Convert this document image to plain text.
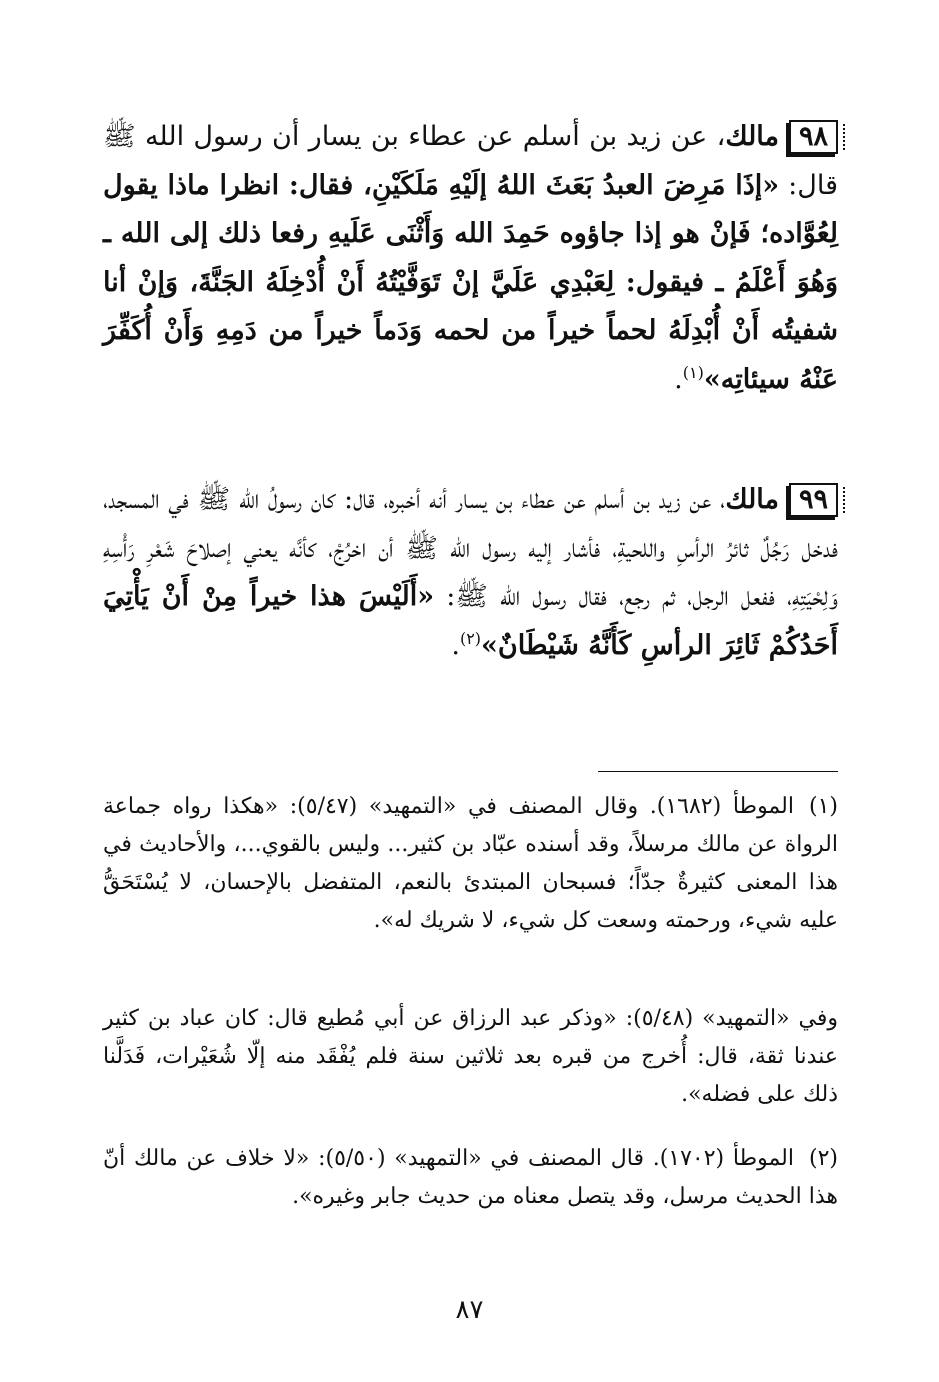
٩٨مالك، عن زيد بن أسلم عن عطاء بن يسار أن رسول الله ﷺ قال: «إذَا مَرِضَ العبدُ بَعَثَ اللهُ إلَيْهِ مَلَكَيْنِ، فقال: انظرا ماذا يقول لِعُوَّاده؛ فَإنْ هو إذا جاؤوه حَمِدَ الله وَأَثْنَى عَلَيهِ رفعا ذلك إلى الله ـ وَهُوَ أَعْلَمُ ـ فيقول: لِعَبْدِي عَلَيَّ إنْ تَوَفَّيْتُهُ أَنْ أُدْخِلَهُ الجَنَّةَ، وَإنْ أنا شفيتُه أَنْ أُبْدِلَهُ لحماً خيراً من لحمه وَدَماً خيراً من دَمِهِ وَأَنْ أُكَفِّرَ عَنْهُ سيئاتِه»$^{(١)}$.

٩٩مالك، عن زيد بن أسلم عن عطاء بن يسار أنه أخبره، قال: كان رسولُ الله ﷺ في المسجد، فدخل رَجُلٌ ثائرُ الرأسِ واللحيةِ، فأشار إليه رسول الله ﷺ أن اخرُجْ، كأنَّه يعني إصلاحَ شَعْرِ رَأْسِهِ وَلِحْيَتِهِ، ففعل الرجل، ثم رجع، فقال رسول الله ﷺ: «أَلَيْسَ هذا خيراً مِنْ أَنْ يَأْتِيَ أَحَدُكُمْ ثَائِرَ الرأسِ كَأَنَّهُ شَيْطَانٌ»$^{(٢)}$.

(١)الموطأ (١٦٨٢). وقال المصنف في «التمهيد» (٥/٤٧): «هكذا رواه جماعة الرواة عن مالك مرسلاً، وقد أسنده عبّاد بن كثير... وليس بالقوي...، والأحاديث في هذا المعنى كثيرةٌ جدّاً؛ فسبحان المبتدئ بالنعم، المتفضل بالإحسان، لا يُسْتَحَقُّ عليه شيء، ورحمته وسعت كل شيء، لا شريك له».

وفي «التمهيد» (٥/٤٨): «وذكر عبد الرزاق عن أبي مُطيع قال: كان عباد بن كثير عندنا ثقة، قال: أُخرج من قبره بعد ثلاثين سنة فلم يُفْقَد منه إلّا شُعَيْرات، فَدَلَّنا ذلك على فضله».

(٢)الموطأ (١٧٠٢). قال المصنف في «التمهيد» (٥/٥٠): «لا خلاف عن مالك أنّ هذا الحديث مرسل، وقد يتصل معناه من حديث جابر وغيره».

٨٧
